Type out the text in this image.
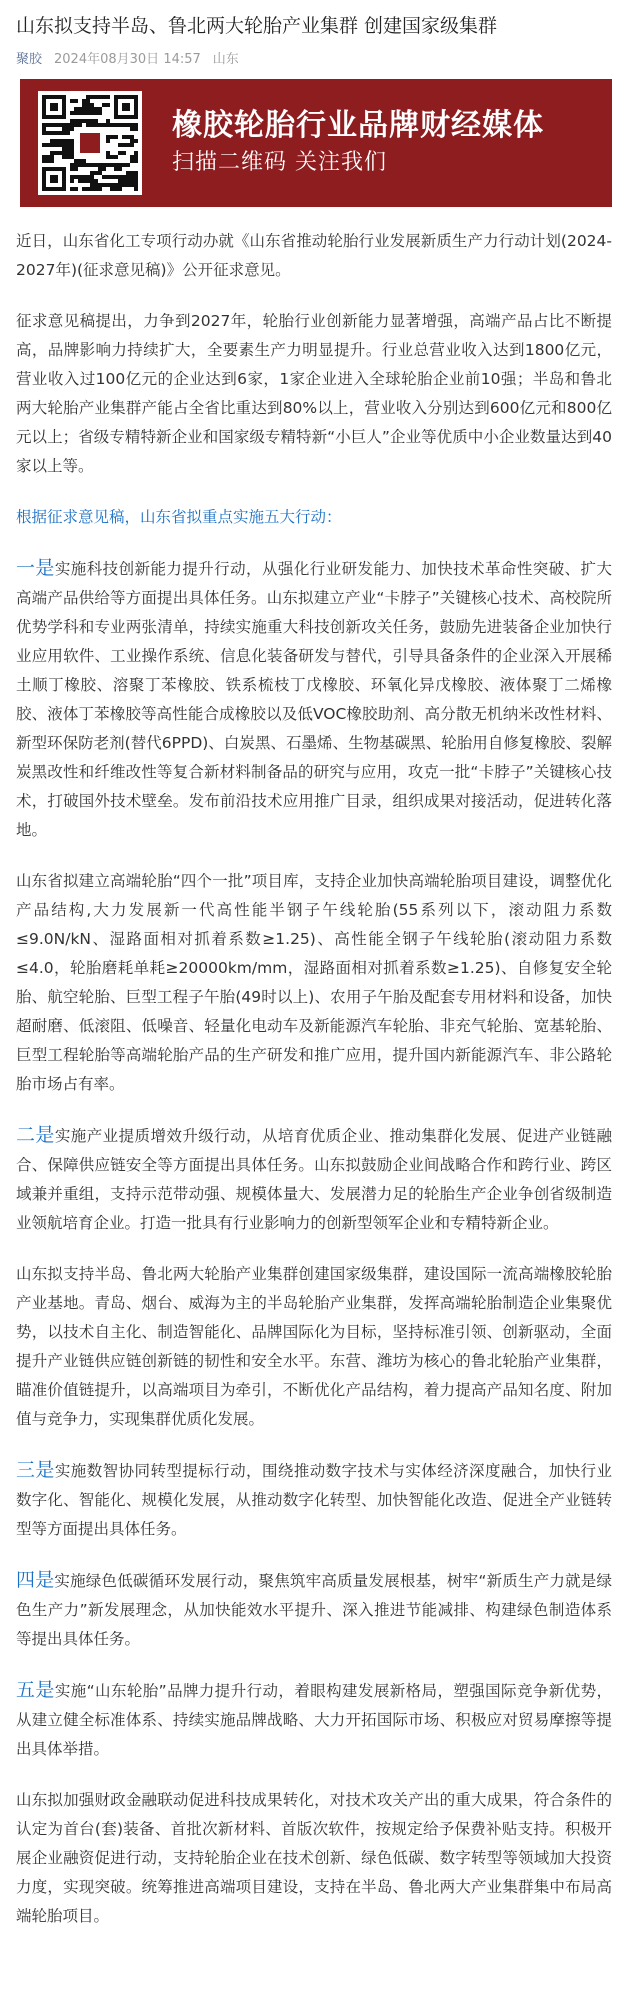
山东拟支持半岛、鲁北两大轮胎产业集群 创建国家级集群
聚胶 2024年08月30日 14:57 山东
橡胶轮胎行业品牌财经媒体
扫描二维码 关注我们

近日，山东省化工专项行动办就《山东省推动轮胎行业发展新质生产力行动计划(2024-2027年)(征求意见稿)》公开征求意见。

征求意见稿提出，力争到2027年，轮胎行业创新能力显著增强，高端产品占比不断提高，品牌影响力持续扩大，全要素生产力明显提升。行业总营业收入达到1800亿元，营业收入过100亿元的企业达到6家，1家企业进入全球轮胎企业前10强；半岛和鲁北两大轮胎产业集群产能占全省比重达到80%以上，营业收入分别达到600亿元和800亿元以上；省级专精特新企业和国家级专精特新“小巨人”企业等优质中小企业数量达到40家以上等。

根据征求意见稿，山东省拟重点实施五大行动：

一是实施科技创新能力提升行动，从强化行业研发能力、加快技术革命性突破、扩大高端产品供给等方面提出具体任务。山东拟建立产业“卡脖子”关键核心技术、高校院所优势学科和专业两张清单，持续实施重大科技创新攻关任务，鼓励先进装备企业加快行业应用软件、工业操作系统、信息化装备研发与替代，引导具备条件的企业深入开展稀土顺丁橡胶、溶聚丁苯橡胶、铁系梳枝丁戊橡胶、环氧化异戊橡胶、液体聚丁二烯橡胶、液体丁苯橡胶等高性能合成橡胶以及低VOC橡胶助剂、高分散无机纳米改性材料、新型环保防老剂(替代6PPD)、白炭黑、石墨烯、生物基碳黑、轮胎用自修复橡胶、裂解炭黑改性和纤维改性等复合新材料制备品的研究与应用，攻克一批“卡脖子”关键核心技术，打破国外技术壁垒。发布前沿技术应用推广目录，组织成果对接活动，促进转化落地。

山东省拟建立高端轮胎“四个一批”项目库，支持企业加快高端轮胎项目建设，调整优化产品结构,大力发展新一代高性能半钢子午线轮胎(55系列以下，滚动阻力系数≤9.0N/kN、湿路面相对抓着系数≥1.25)、高性能全钢子午线轮胎(滚动阻力系数≤4.0，轮胎磨耗单耗≥20000km/mm，湿路面相对抓着系数≥1.25)、自修复安全轮胎、航空轮胎、巨型工程子午胎(49时以上)、农用子午胎及配套专用材料和设备，加快超耐磨、低滚阻、低噪音、轻量化电动车及新能源汽车轮胎、非充气轮胎、宽基轮胎、巨型工程轮胎等高端轮胎产品的生产研发和推广应用，提升国内新能源汽车、非公路轮胎市场占有率。

二是实施产业提质增效升级行动，从培育优质企业、推动集群化发展、促进产业链融合、保障供应链安全等方面提出具体任务。山东拟鼓励企业间战略合作和跨行业、跨区域兼并重组，支持示范带动强、规模体量大、发展潜力足的轮胎生产企业争创省级制造业领航培育企业。打造一批具有行业影响力的创新型领军企业和专精特新企业。

山东拟支持半岛、鲁北两大轮胎产业集群创建国家级集群，建设国际一流高端橡胶轮胎产业基地。青岛、烟台、威海为主的半岛轮胎产业集群，发挥高端轮胎制造企业集聚优势，以技术自主化、制造智能化、品牌国际化为目标，坚持标准引领、创新驱动，全面提升产业链供应链创新链的韧性和安全水平。东营、潍坊为核心的鲁北轮胎产业集群，瞄准价值链提升，以高端项目为牵引，不断优化产品结构，着力提高产品知名度、附加值与竞争力，实现集群优质化发展。

三是实施数智协同转型提标行动，围绕推动数字技术与实体经济深度融合，加快行业数字化、智能化、规模化发展，从推动数字化转型、加快智能化改造、促进全产业链转型等方面提出具体任务。

四是实施绿色低碳循环发展行动，聚焦筑牢高质量发展根基，树牢“新质生产力就是绿色生产力”新发展理念，从加快能效水平提升、深入推进节能减排、构建绿色制造体系等提出具体任务。

五是实施“山东轮胎”品牌力提升行动，着眼构建发展新格局，塑强国际竞争新优势，从建立健全标准体系、持续实施品牌战略、大力开拓国际市场、积极应对贸易摩擦等提出具体举措。

山东拟加强财政金融联动促进科技成果转化，对技术攻关产出的重大成果，符合条件的认定为首台(套)装备、首批次新材料、首版次软件，按规定给予保费补贴支持。积极开展企业融资促进行动，支持轮胎企业在技术创新、绿色低碳、数字转型等领域加大投资力度，实现突破。统筹推进高端项目建设，支持在半岛、鲁北两大产业集群集中布局高端轮胎项目。
